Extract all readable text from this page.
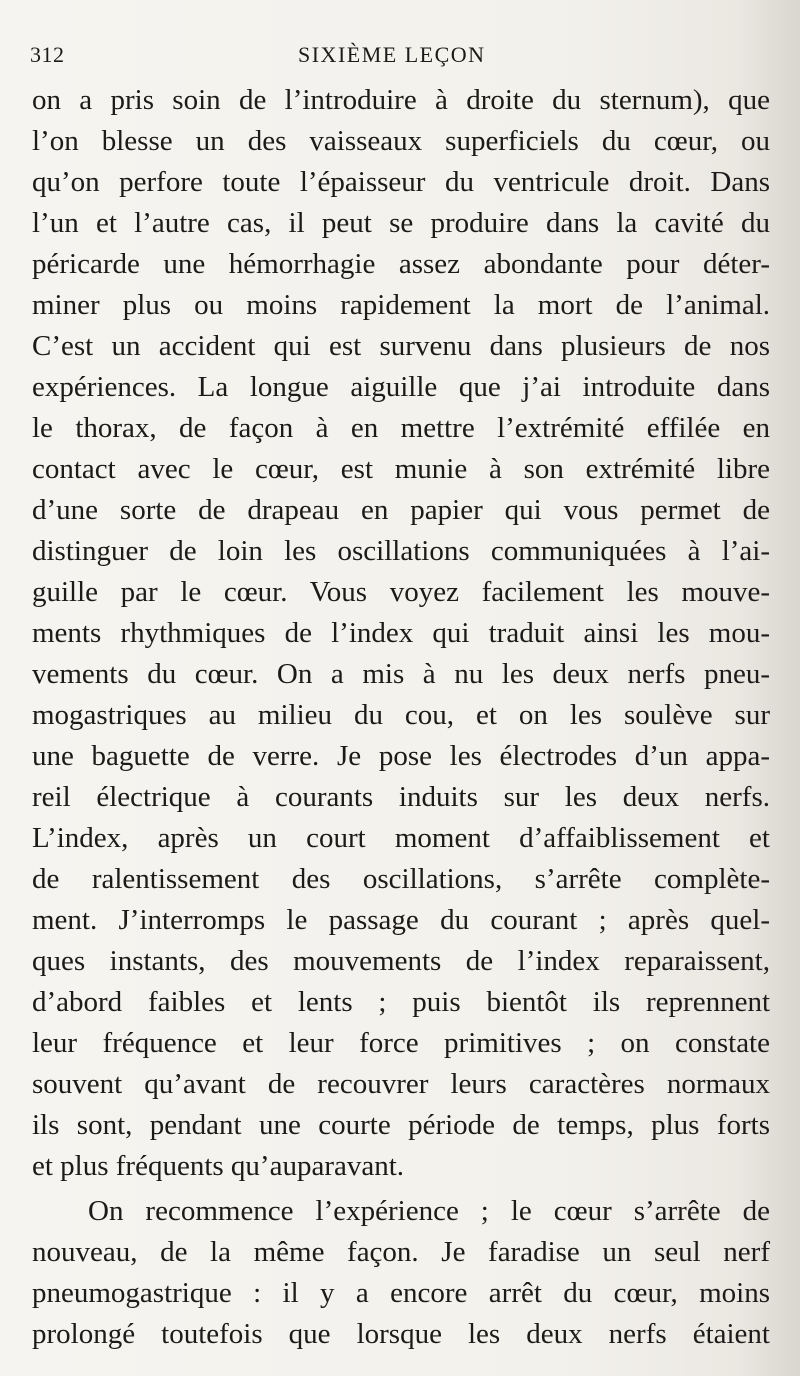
312	SIXIÈME LEÇON
on a pris soin de l’introduire à droite du sternum), que
l’on blesse un des vaisseaux superficiels du cœur, ou
qu’on perfore toute l’épaisseur du ventricule droit. Dans
l’un et l’autre cas, il peut se produire dans la cavité du
péricarde une hémorrhagie assez abondante pour déter-
miner plus ou moins rapidement la mort de l’animal.
C’est un accident qui est survenu dans plusieurs de nos
expériences. La longue aiguille que j’ai introduite dans
le thorax, de façon à en mettre l’extrémité effilée en
contact avec le cœur, est munie à son extrémité libre
d’une sorte de drapeau en papier qui vous permet de
distinguer de loin les oscillations communiquées à l’ai-
guille par le cœur. Vous voyez facilement les mouve-
ments rhythmiques de l’index qui traduit ainsi les mou-
vements du cœur. On a mis à nu les deux nerfs pneu-
mogastriques au milieu du cou, et on les soulève sur
une baguette de verre. Je pose les électrodes d’un appa-
reil électrique à courants induits sur les deux nerfs.
L’index, après un court moment d’affaiblissement et
de ralentissement des oscillations, s’arrête complète-
ment. J’interromps le passage du courant ; après quel-
ques instants, des mouvements de l’index reparaissent,
d’abord faibles et lents ; puis bientôt ils reprennent
leur fréquence et leur force primitives ; on constate
souvent qu’avant de recouvrer leurs caractères normaux
ils sont, pendant une courte période de temps, plus forts
et plus fréquents qu’auparavant.
On recommence l’expérience ; le cœur s’arrête de
nouveau, de la même façon. Je faradise un seul nerf
pneumogastrique : il y a encore arrêt du cœur, moins
prolongé toutefois que lorsque les deux nerfs étaient
